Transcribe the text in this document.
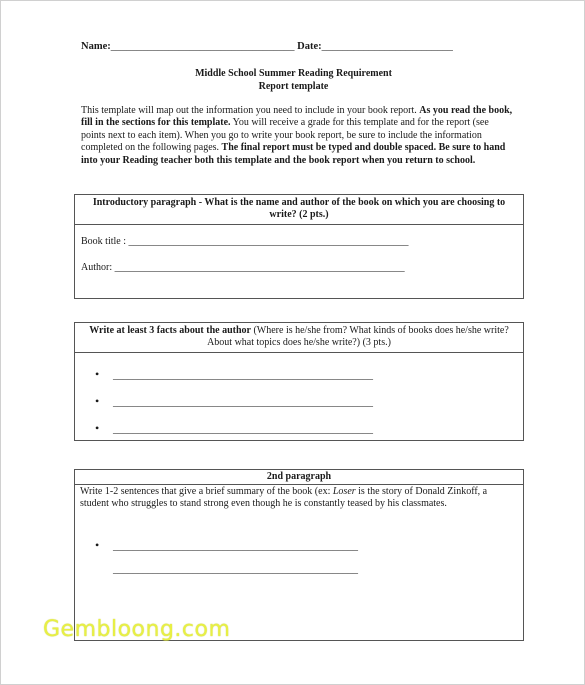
Name:___________________________________ Date:_________________________
Middle School Summer Reading Requirement
Report template
This template will map out the information you need to include in your book report. As you read the book, fill in the sections for this template. You will receive a grade for this template and for the report (see points next to each item). When you go to write your book report, be sure to include the information completed on the following pages. The final report must be typed and double spaced. Be sure to hand into your Reading teacher both this template and the book report when you return to school.
Introductory paragraph - What is the name and author of the book on which you are choosing to write? (2 pts.)
Book title : ________________________________________________________
Author: __________________________________________________________
Write at least 3 facts about the author (Where is he/she from? What kinds of books does he/she write? About what topics does he/she write?) (3 pts.)
• ____________________________________________________
• ____________________________________________________
• ____________________________________________________
2nd paragraph
Write 1-2 sentences that give a brief summary of the book (ex: Loser is the story of Donald Zinkoff, a student who struggles to stand strong even though he is constantly teased by his classmates.
• _________________________________________________
_________________________________________________
Gembloong.com
